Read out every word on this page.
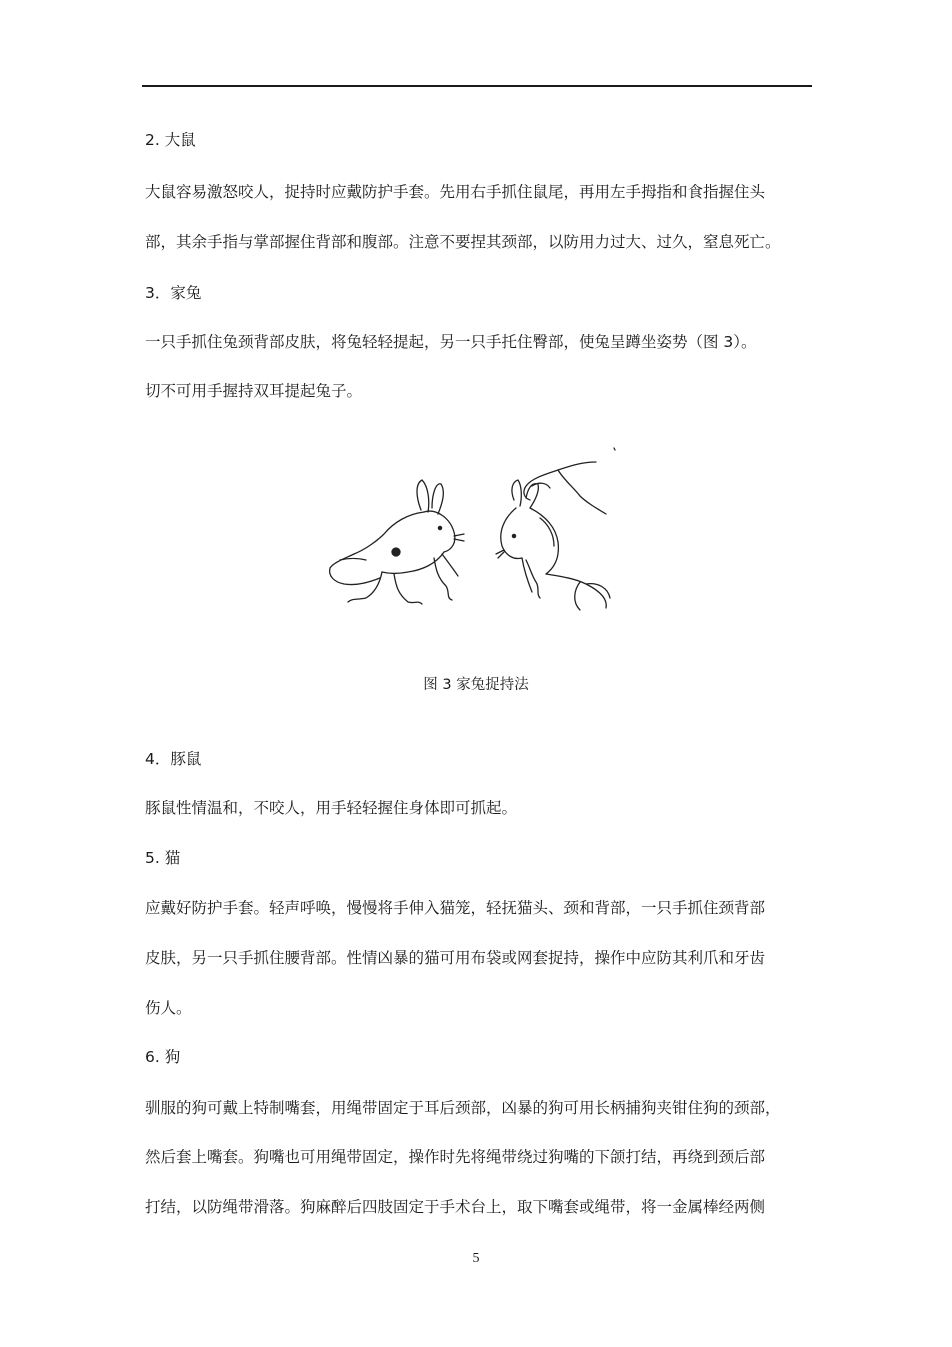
2. 大鼠

大鼠容易激怒咬人，捉持时应戴防护手套。先用右手抓住鼠尾，再用左手拇指和食指握住头

部，其余手指与掌部握住背部和腹部。注意不要捏其颈部，以防用力过大、过久，窒息死亡。

3．家兔

一只手抓住兔颈背部皮肤，将兔轻轻提起，另一只手托住臀部，使兔呈蹲坐姿势（图 3）。

切不可用手握持双耳提起兔子。

图 3 家兔捉持法

4．豚鼠

豚鼠性情温和，不咬人，用手轻轻握住身体即可抓起。

5. 猫

应戴好防护手套。轻声呼唤，慢慢将手伸入猫笼，轻抚猫头、颈和背部，一只手抓住颈背部

皮肤，另一只手抓住腰背部。性情凶暴的猫可用布袋或网套捉持，操作中应防其利爪和牙齿

伤人。

6. 狗

驯服的狗可戴上特制嘴套，用绳带固定于耳后颈部，凶暴的狗可用长柄捕狗夹钳住狗的颈部，

然后套上嘴套。狗嘴也可用绳带固定，操作时先将绳带绕过狗嘴的下颌打结，再绕到颈后部

打结，以防绳带滑落。狗麻醉后四肢固定于手术台上，取下嘴套或绳带，将一金属棒经两侧

5
